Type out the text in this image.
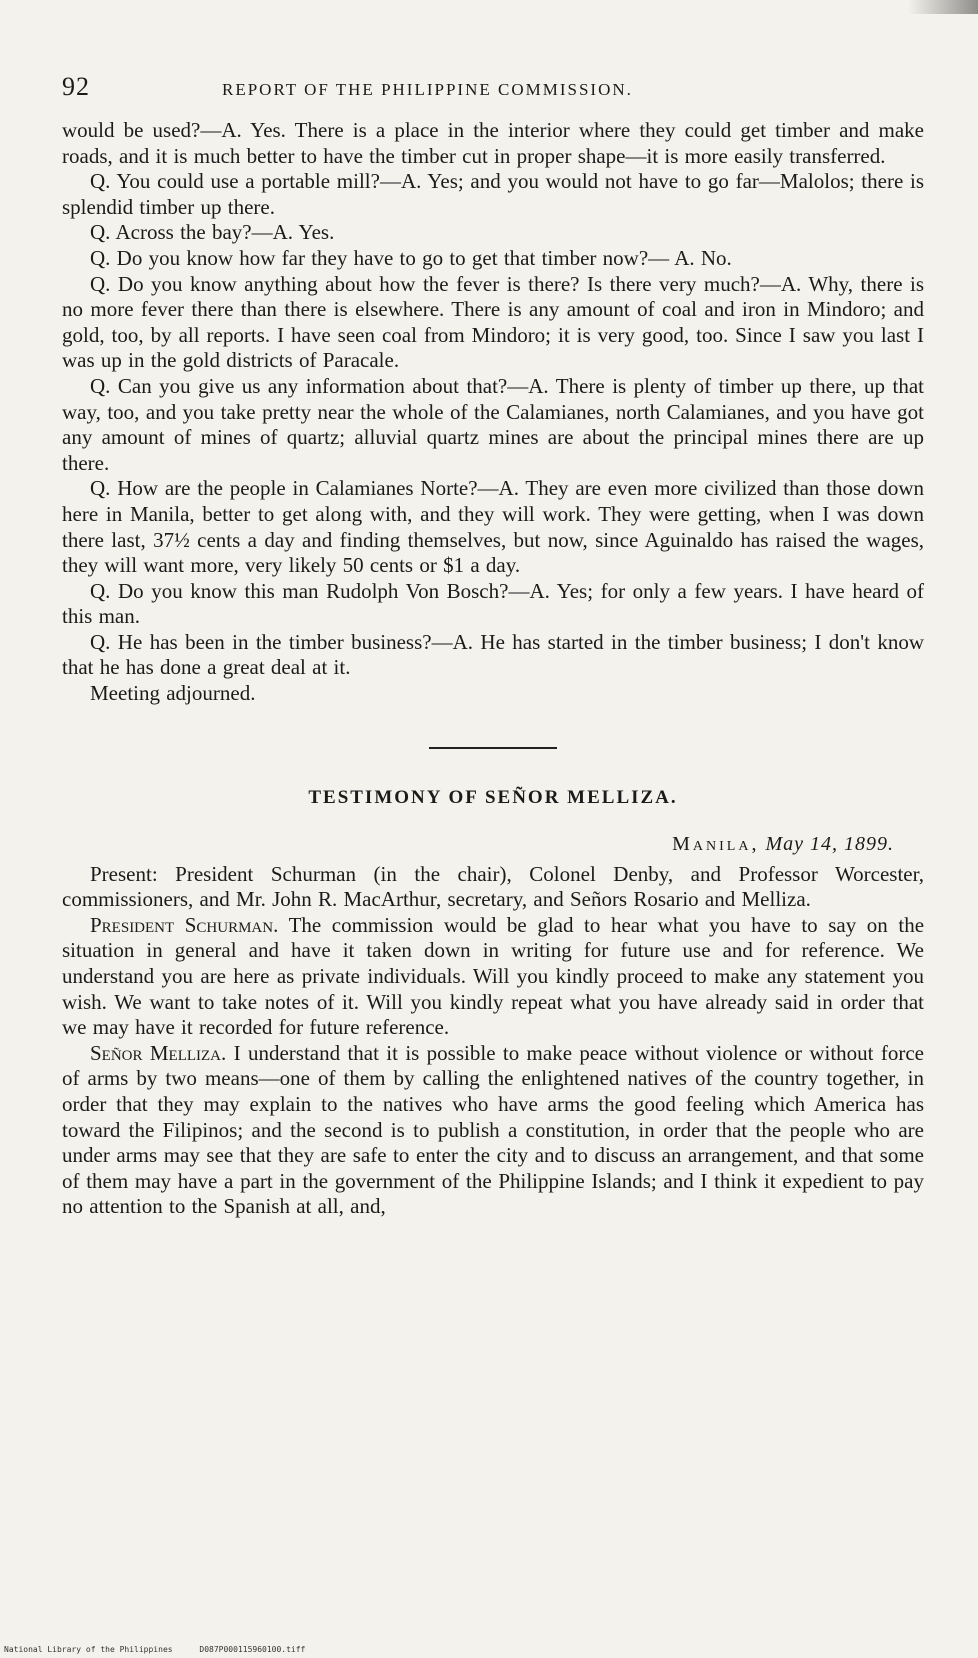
92	REPORT OF THE PHILIPPINE COMMISSION.

would be used?—A. Yes. There is a place in the interior where they could get timber and make roads, and it is much better to have the timber cut in proper shape—it is more easily transferred.

Q. You could use a portable mill?—A. Yes; and you would not have to go far—Malolos; there is splendid timber up there.

Q. Across the bay?—A. Yes.

Q. Do you know how far they have to go to get that timber now?— A. No.

Q. Do you know anything about how the fever is there? Is there very much?—A. Why, there is no more fever there than there is elsewhere. There is any amount of coal and iron in Mindoro; and gold, too, by all reports. I have seen coal from Mindoro; it is very good, too. Since I saw you last I was up in the gold districts of Paracale.

Q. Can you give us any information about that?—A. There is plenty of timber up there, up that way, too, and you take pretty near the whole of the Calamianes, north Calamianes, and you have got any amount of mines of quartz; alluvial quartz mines are about the principal mines there are up there.

Q. How are the people in Calamianes Norte?—A. They are even more civilized than those down here in Manila, better to get along with, and they will work. They were getting, when I was down there last, 37½ cents a day and finding themselves, but now, since Aguinaldo has raised the wages, they will want more, very likely 50 cents or $1 a day.

Q. Do you know this man Rudolph Von Bosch?—A. Yes; for only a few years. I have heard of this man.

Q. He has been in the timber business?—A. He has started in the timber business; I don't know that he has done a great deal at it.

Meeting adjourned.

TESTIMONY OF SEÑOR MELLIZA.
Manila, May 14, 1899.

Present: President Schurman (in the chair), Colonel Denby, and Professor Worcester, commissioners, and Mr. John R. MacArthur, secretary, and Señors Rosario and Melliza.

President Schurman. The commission would be glad to hear what you have to say on the situation in general and have it taken down in writing for future use and for reference. We understand you are here as private individuals. Will you kindly proceed to make any statement you wish. We want to take notes of it. Will you kindly repeat what you have already said in order that we may have it recorded for future reference.

Señor Melliza. I understand that it is possible to make peace without violence or without force of arms by two means—one of them by calling the enlightened natives of the country together, in order that they may explain to the natives who have arms the good feeling which America has toward the Filipinos; and the second is to publish a constitution, in order that the people who are under arms may see that they are safe to enter the city and to discuss an arrangement, and that some of them may have a part in the government of the Philippine Islands; and I think it expedient to pay no attention to the Spanish at all, and,

National Library of the Philippines	D087P000115960100.tiff
